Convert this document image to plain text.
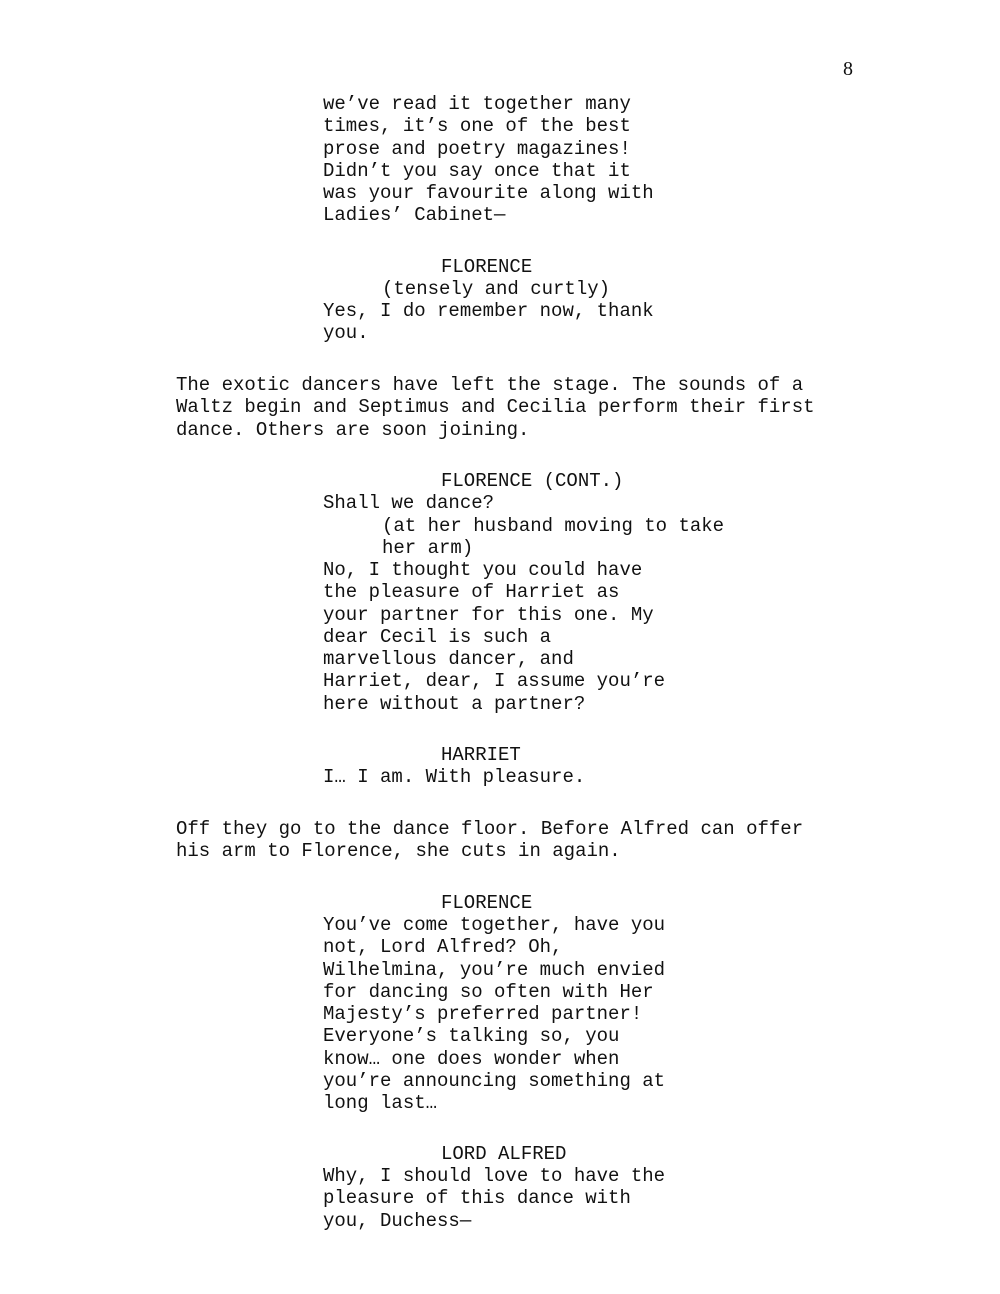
8
we’ve read it together many
times, it’s one of the best
prose and poetry magazines!
Didn’t you say once that it
was your favourite along with
Ladies’ Cabinet—
FLORENCE
(tensely and curtly)
Yes, I do remember now, thank
you.
The exotic dancers have left the stage. The sounds of a
Waltz begin and Septimus and Cecilia perform their first
dance. Others are soon joining.
FLORENCE (CONT.)
Shall we dance?
(at her husband moving to take
her arm)
No, I thought you could have
the pleasure of Harriet as
your partner for this one. My
dear Cecil is such a
marvellous dancer, and
Harriet, dear, I assume you’re
here without a partner?
HARRIET
I… I am. With pleasure.
Off they go to the dance floor. Before Alfred can offer
his arm to Florence, she cuts in again.
FLORENCE
You’ve come together, have you
not, Lord Alfred? Oh,
Wilhelmina, you’re much envied
for dancing so often with Her
Majesty’s preferred partner!
Everyone’s talking so, you
know… one does wonder when
you’re announcing something at
long last…
LORD ALFRED
Why, I should love to have the
pleasure of this dance with
you, Duchess—
